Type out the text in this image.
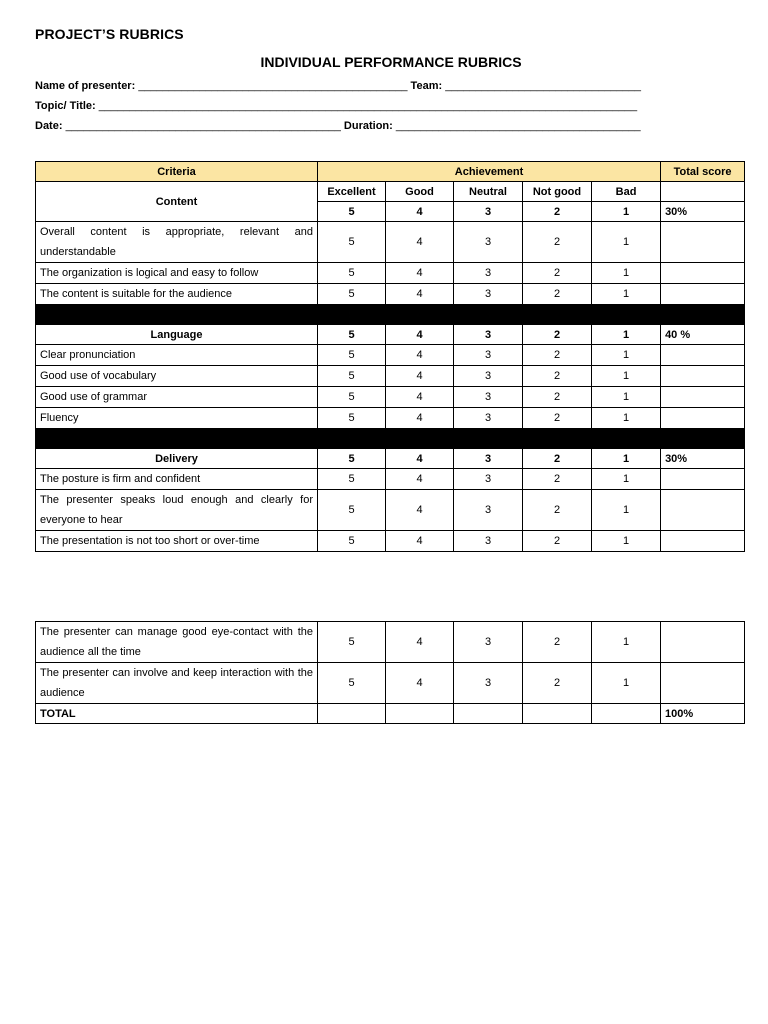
PROJECT’S RUBRICS
INDIVIDUAL PERFORMANCE RUBRICS
Name of presenter: ____________________________________________ Team: ________________________________
Topic/ Title: ________________________________________________________________________________________
Date: _____________________________________________ Duration: ________________________________________
Criteria	Achievement					Total score
Content	Excellent	Good	Neutral	Not good	Bad	
	5	4	3	2	1	30%
Overall content is appropriate, relevant and understandable	5	4	3	2	1	
The organization is logical and easy to follow	5	4	3	2	1	
The content is suitable for the audience	5	4	3	2	1	

Language	5	4	3	2	1	40 %
Clear pronunciation	5	4	3	2	1	
Good use of vocabulary	5	4	3	2	1	
Good use of grammar	5	4	3	2	1	
Fluency	5	4	3	2	1	

Delivery	5	4	3	2	1	30%
The posture is firm and confident	5	4	3	2	1	
The presenter speaks loud enough and clearly for everyone to hear	5	4	3	2	1	
The presentation is not too short or over-time	5	4	3	2	1	
The presenter can manage good eye-contact with the audience all the time	5	4	3	2	1	
The presenter can involve and keep interaction with the audience	5	4	3	2	1	
TOTAL						100%
